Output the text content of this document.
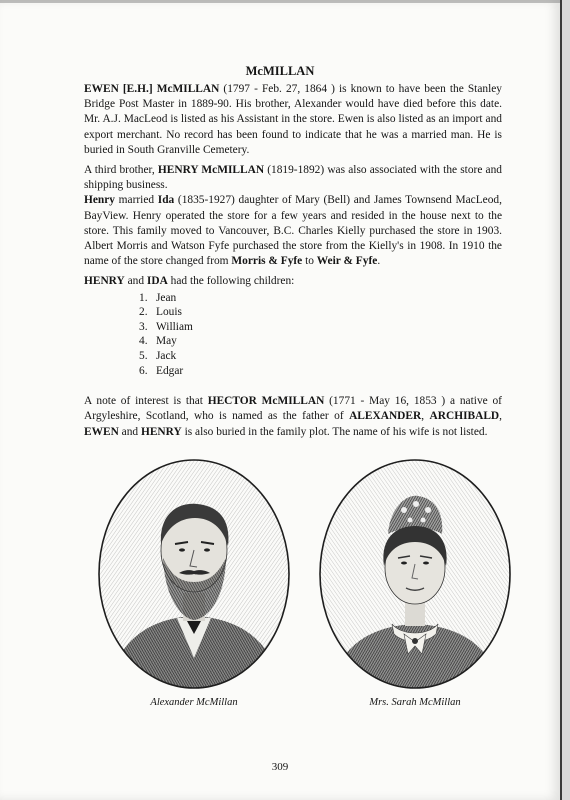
McMILLAN

EWEN [E.H.] McMILLAN (1797 - Feb. 27, 1864 ) is known to have been the Stanley Bridge Post Master in 1889-90. His brother, Alexander would have died before this date. Mr. A.J. MacLeod is listed as his Assistant in the store. Ewen is also listed as an import and export merchant. No record has been found to indicate that he was a married man. He is buried in South Granville Cemetery.

A third brother, HENRY McMILLAN (1819-1892) was also associated with the store and shipping business.

Henry married Ida (1835-1927) daughter of Mary (Bell) and James Townsend MacLeod, BayView. Henry operated the store for a few years and resided in the house next to the store. This family moved to Vancouver, B.C. Charles Kielly purchased the store in 1903. Albert Morris and Watson Fyfe purchased the store from the Kielly's in 1908. In 1910 the name of the store changed from Morris & Fyfe to Weir & Fyfe.

HENRY and IDA had the following children:

1. Jean
2. Louis
3. William
4. May
5. Jack
6. Edgar

A note of interest is that HECTOR McMILLAN (1771 - May 16, 1853 ) a native of Argyleshire, Scotland, who is named as the father of ALEXANDER, ARCHIBALD, EWEN and HENRY is also buried in the family plot. The name of his wife is not listed.

Alexander McMillan	Mrs. Sarah McMillan
309
